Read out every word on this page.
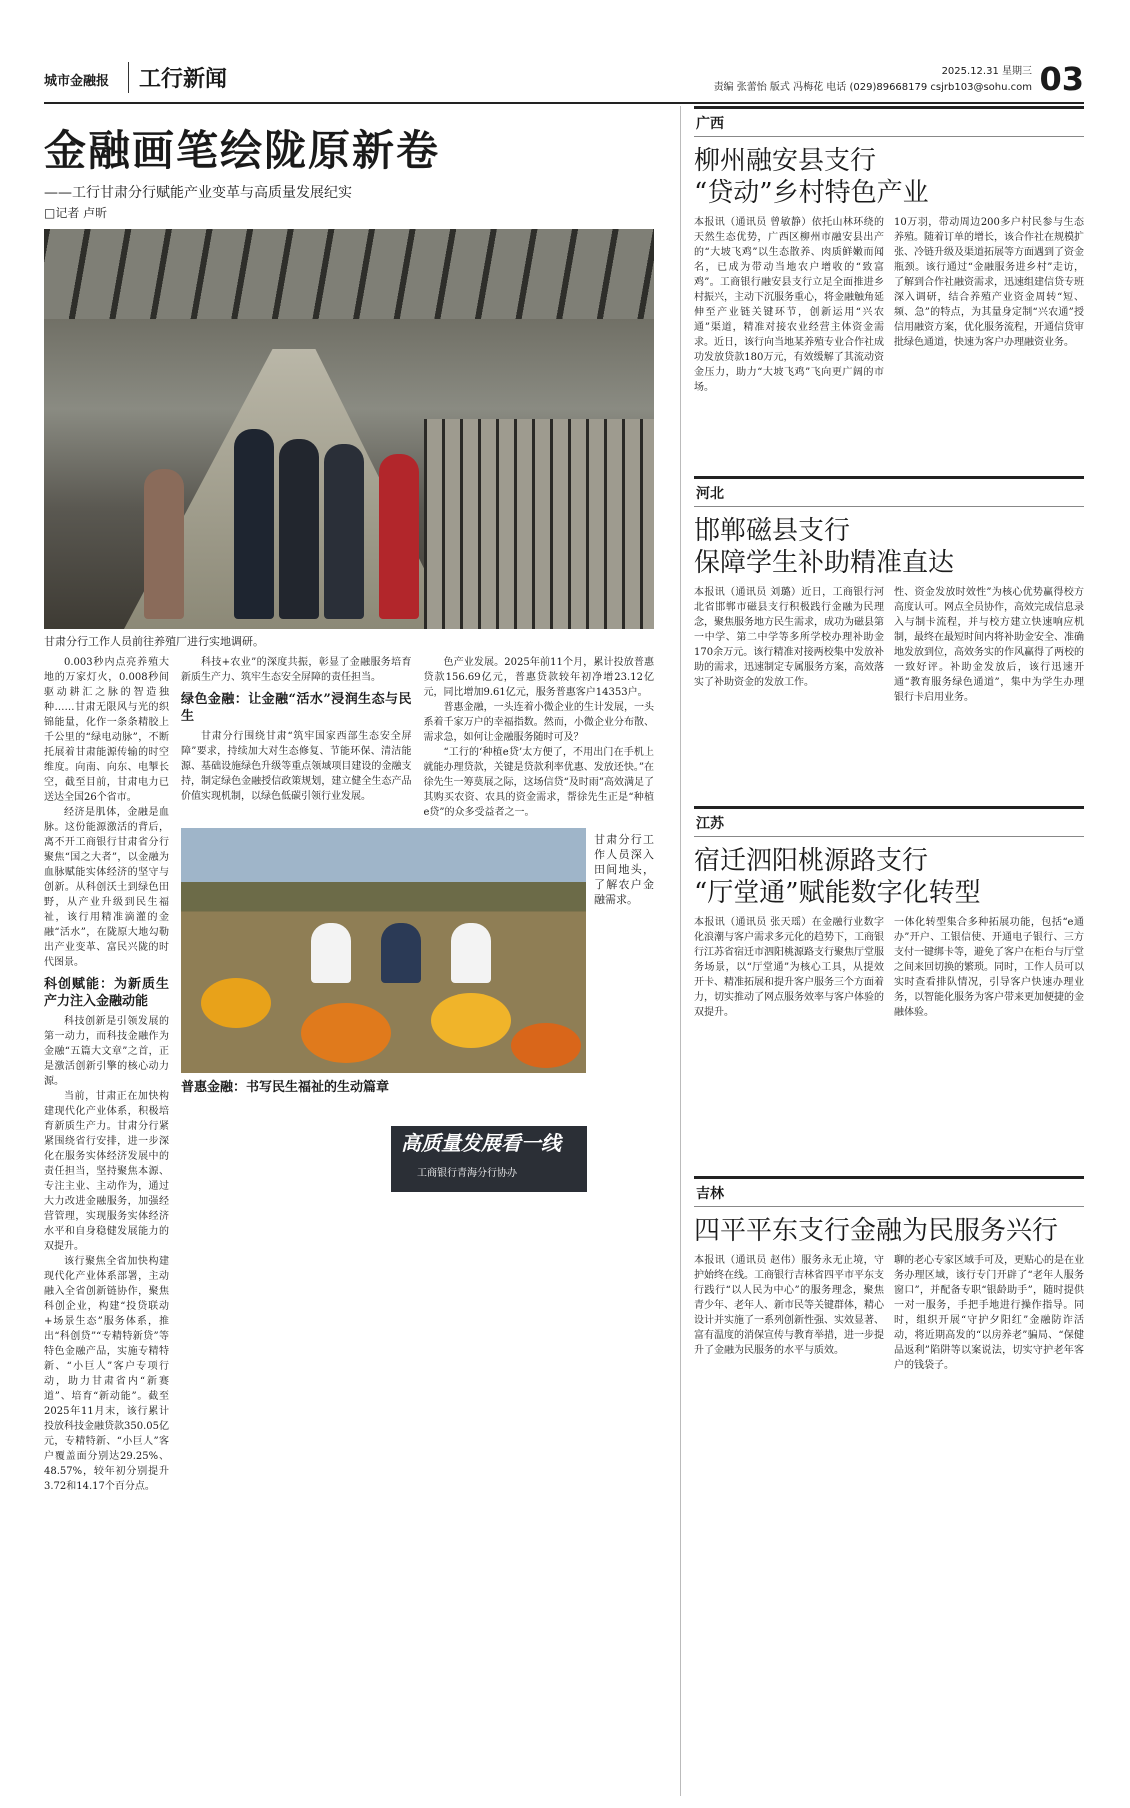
城市金融报	工行新闻	2025.12.31 星期三
责编 张蕾怡 版式 冯梅花 电话 (029)89668179 csjrb103@sohu.com 03
金融画笔绘陇原新卷
——工行甘肃分行赋能产业变革与高质量发展纪实
□记者 卢昕
甘肃分行工作人员前往养殖厂进行实地调研。

0.003秒内点亮养殖大地的万家灯火，0.008秒间驱动耕汇之脉的智造独种……甘肃无限风与光的织锦能量，化作一条条精胶上千公里的“绿电动脉”，不断托展着甘肃能源传输的时空维度。向南、向东、电掣长空，截至目前，甘肃电力已送达全国26个省市。

经济是肌体，金融是血脉。这份能源激活的背后，离不开工商银行甘肃省分行聚焦“国之大者”，以金融为血脉赋能实体经济的坚守与创新。从科创沃土到绿色田野，从产业升级到民生福祉，该行用精准滴灌的金融“活水”，在陇原大地勾勒出产业变革、富民兴陇的时代图景。

科创赋能：为新质生产力注入金融动能

科技创新是引领发展的第一动力，而科技金融作为金融“五篇大文章”之首，正是激活创新引擎的核心动力源。

当前，甘肃正在加快构建现代化产业体系，积极培育新质生产力。甘肃分行紧紧围绕省行安排，进一步深化在服务实体经济发展中的责任担当，坚持聚焦本源、专注主业、主动作为，通过大力改进金融服务，加强经营管理，实现服务实体经济水平和自身稳健发展能力的双提升。

该行聚焦全省加快构建现代化产业体系部署，主动融入全省创新链协作，聚焦科创企业，构建“投贷联动+场景生态”服务体系，推出“科创贷”“专精特新贷”等特色金融产品，实施专精特新、“小巨人”客户专项行动，助力甘肃省内“新赛道”、培育“新动能”。截至2025年11月末，该行累计投放科技金融贷款350.05亿元，专精特新、“小巨人”客户覆盖面分别达29.25%、48.57%，较年初分别提升3.72和14.17个百分点。

科技+农业”的深度共振，彰显了金融服务培育新质生产力、筑牢生态安全屏障的责任担当。

绿色金融：让金融“活水”浸润生态与民生

甘肃分行围绕甘肃“筑牢国家西部生态安全屏障”要求，持续加大对生态修复、节能环保、清洁能源、基础设施绿色升级等重点领域项目建设的金融支持，制定绿色金融授信政策规划，建立健全生态产品价值实现机制，以绿色低碳引领行业发展。

色产业发展。2025年前11个月，累计投放普惠贷款156.69亿元，普惠贷款较年初净增23.12亿元，同比增加9.61亿元，服务普惠客户14353户。

普惠金融，一头连着小微企业的生计发展，一头系着千家万户的幸福指数。然而，小微企业分布散、需求急，如何让金融服务随时可及？

“工行的‘种植e贷’太方便了，不用出门在手机上就能办理贷款，关键是贷款利率优惠、发放还快。”在徐先生一筹莫展之际，这场信贷“及时雨”高效满足了其购买农资、农具的资金需求，帮徐先生正是“种植e贷”的众多受益者之一。

甘肃分行工作人员深入田间地头，了解农户金融需求。
普惠金融：书写民生福祉的生动篇章
高质量发展看一线
工商银行青海分行协办
广西
柳州融安县支行
“贷动”乡村特色产业
本报讯（通讯员 曾敏静）依托山林环绕的天然生态优势，广西区柳州市融安县出产的“大坡飞鸡”以生态散养、肉质鲜嫩而闻名，已成为带动当地农户增收的“致富鸡”。工商银行融安县支行立足全面推进乡村振兴，主动下沉服务重心，将金融触角延伸至产业链关键环节，创新运用“兴农通”渠道，精准对接农业经营主体资金需求。近日，该行向当地某养殖专业合作社成功发放贷款180万元，有效缓解了其流动资金压力，助力“大坡飞鸡”飞向更广阔的市场。
10万羽，带动周边200多户村民参与生态养殖。随着订单的增长，该合作社在规模扩张、冷链升级及渠道拓展等方面遇到了资金瓶颈。该行通过“金融服务进乡村”走访，了解到合作社融资需求，迅速组建信贷专班深入调研，结合养殖产业资金周转“短、频、急”的特点，为其量身定制“兴农通”授信用融资方案，优化服务流程，开通信贷审批绿色通道，快速为客户办理融资业务。
河北
邯郸磁县支行
保障学生补助精准直达
本报讯（通讯员 刘璐）近日，工商银行河北省邯郸市磁县支行积极践行金融为民理念，聚焦服务地方民生需求，成功为磁县第一中学、第二中学等多所学校办理补助金170余万元。该行精准对接两校集中发放补助的需求，迅速制定专属服务方案，高效落实了补助资金的发放工作。
性、资金发放时效性”为核心优势赢得校方高度认可。网点全员协作，高效完成信息录入与制卡流程，并与校方建立快速响应机制，最终在最短时间内将补助金安全、准确地发放到位，高效务实的作风赢得了两校的一致好评。补助金发放后，该行迅速开通“教育服务绿色通道”，集中为学生办理银行卡启用业务。
江苏
宿迁泗阳桃源路支行
“厅堂通”赋能数字化转型
本报讯（通讯员 张天瑶）在金融行业数字化浪潮与客户需求多元化的趋势下，工商银行江苏省宿迁市泗阳桃源路支行聚焦厅堂服务场景，以“厅堂通”为核心工具，从提效开卡、精准拓展和提升客户服务三个方面着力，切实推动了网点服务效率与客户体验的双提升。
一体化转型集合多种拓展功能，包括“e通办”开户、工银信使、开通电子银行、三方支付一键绑卡等，避免了客户在柜台与厅堂之间来回切换的繁琐。同时，工作人员可以实时查看排队情况，引导客户快速办理业务，以智能化服务为客户带来更加便捷的金融体验。
吉林
四平平东支行金融为民服务兴行
本报讯（通讯员 赵伟）服务永无止境，守护始终在线。工商银行吉林省四平市平东支行践行“以人民为中心”的服务理念，聚焦青少年、老年人、新市民等关键群体，精心设计并实施了一系列创新性强、实效显著、富有温度的消保宣传与教育举措，进一步提升了金融为民服务的水平与质效。
聊的老心专家区域手可及，更贴心的是在业务办理区域，该行专门开辟了“老年人服务窗口”，并配备专职“银龄助手”，随时提供一对一服务，手把手地进行操作指导。同时，组织开展“守护夕阳红”金融防诈活动，将近期高发的“以房养老”骗局、“保健品返利”陷阱等以案说法，切实守护老年客户的钱袋子。
